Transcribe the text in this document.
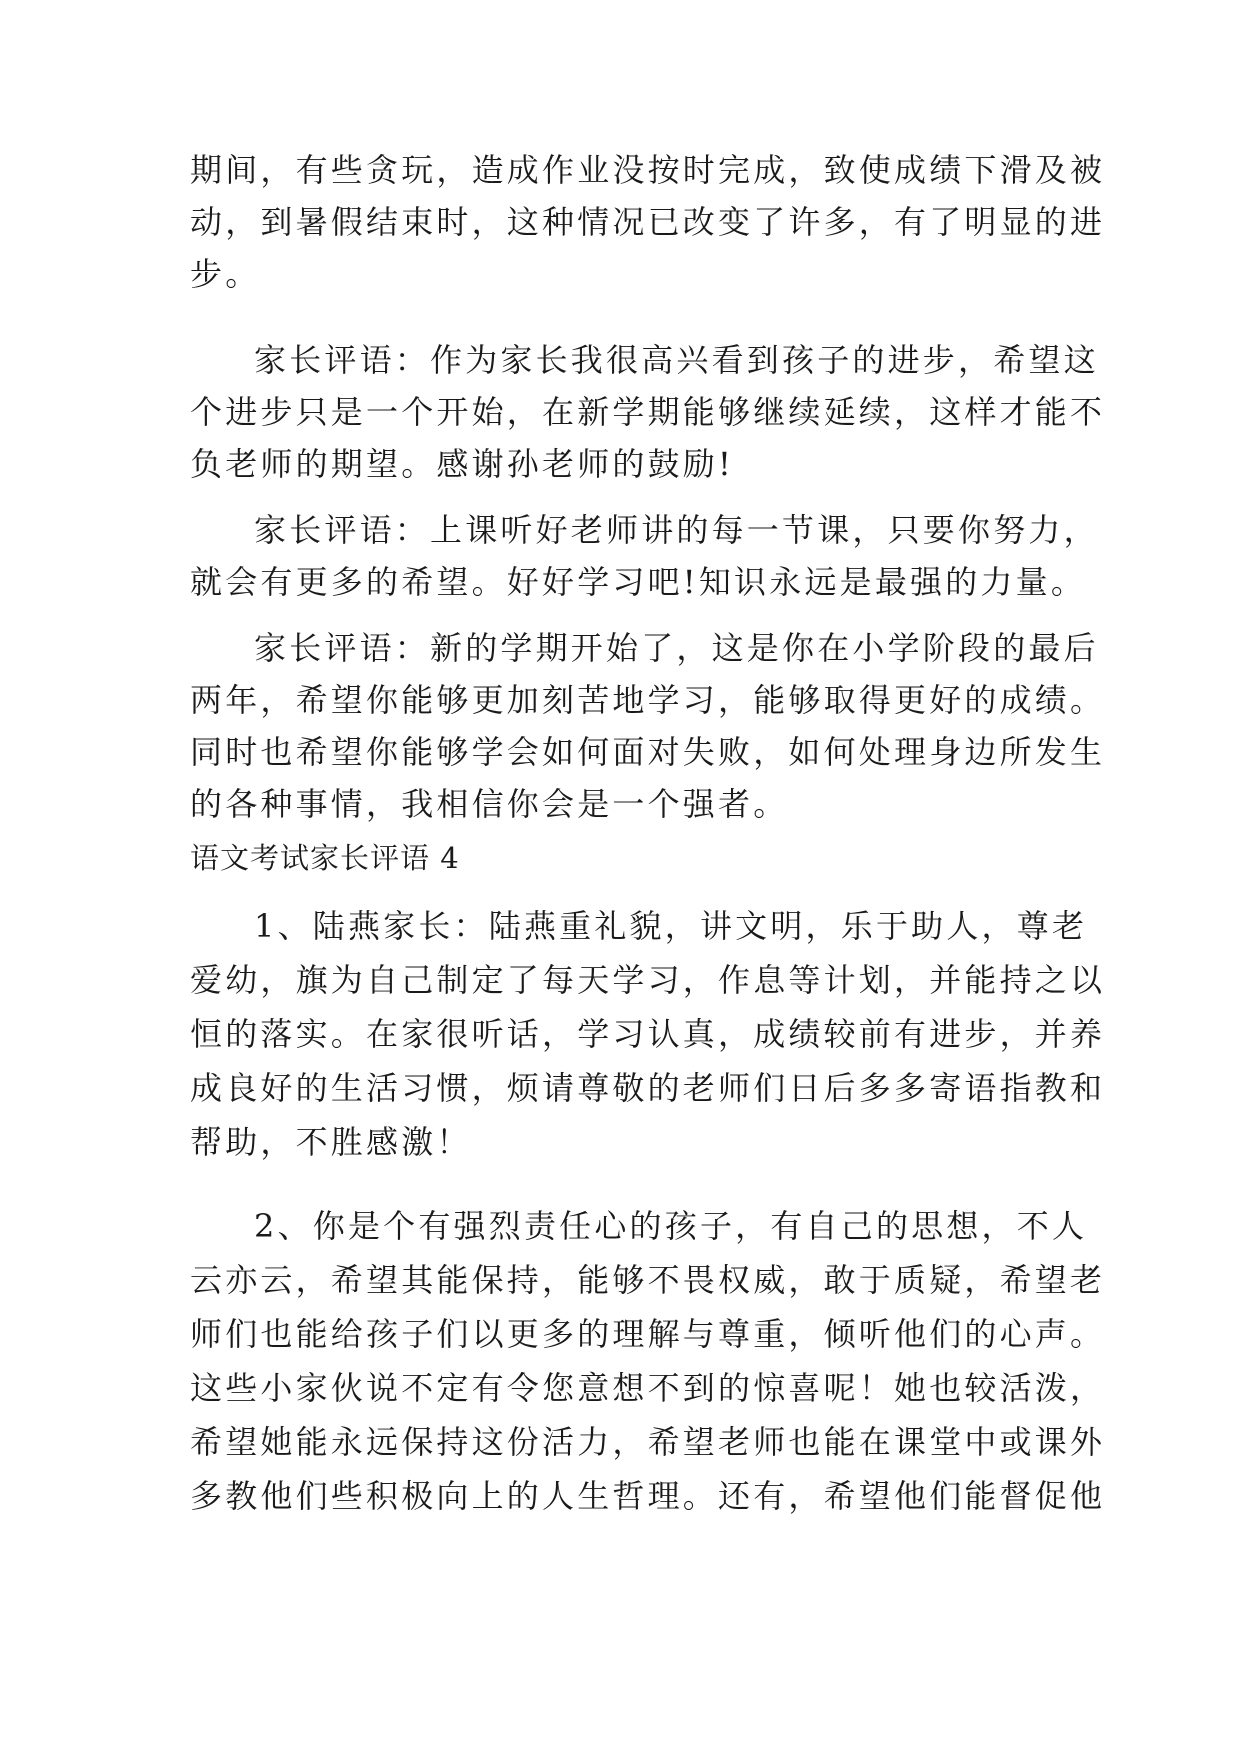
期间，有些贪玩，造成作业没按时完成，致使成绩下滑及被
动，到暑假结束时，这种情况已改变了许多，有了明显的进
步。
家长评语：作为家长我很高兴看到孩子的进步，希望这
个进步只是一个开始，在新学期能够继续延续，这样才能不
负老师的期望。感谢孙老师的鼓励!
家长评语：上课听好老师讲的每一节课，只要你努力，
就会有更多的希望。好好学习吧!知识永远是最强的力量。
家长评语：新的学期开始了，这是你在小学阶段的最后
两年，希望你能够更加刻苦地学习，能够取得更好的成绩。
同时也希望你能够学会如何面对失败，如何处理身边所发生
的各种事情，我相信你会是一个强者。
语文考试家长评语 4
1、陆燕家长：陆燕重礼貌，讲文明，乐于助人，尊老
爱幼，旗为自己制定了每天学习，作息等计划，并能持之以
恒的落实。在家很听话，学习认真，成绩较前有进步，并养
成良好的生活习惯，烦请尊敬的老师们日后多多寄语指教和
帮助，不胜感激！
2、你是个有强烈责任心的孩子，有自己的思想，不人
云亦云，希望其能保持，能够不畏权威，敢于质疑，希望老
师们也能给孩子们以更多的理解与尊重，倾听他们的心声。
这些小家伙说不定有令您意想不到的惊喜呢！她也较活泼，
希望她能永远保持这份活力，希望老师也能在课堂中或课外
多教他们些积极向上的人生哲理。还有，希望他们能督促他
